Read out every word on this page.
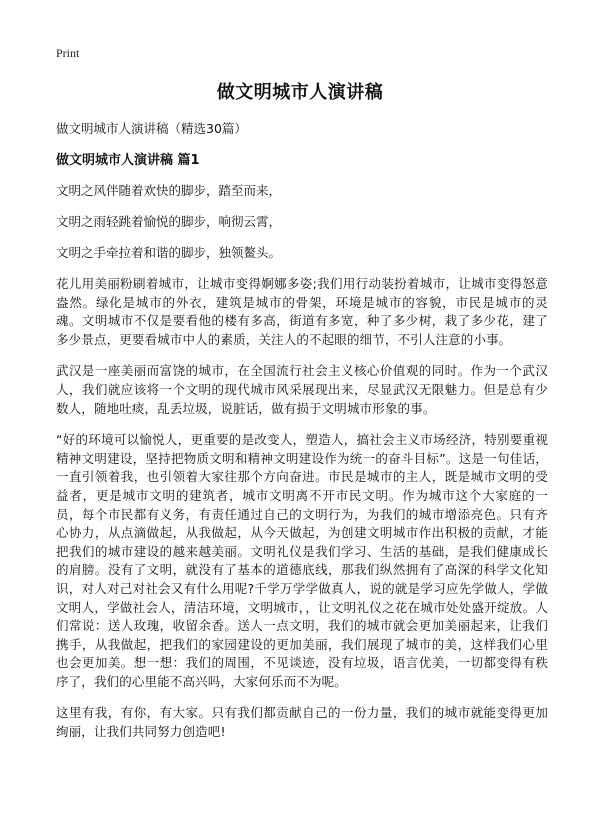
Print
做文明城市人演讲稿

做文明城市人演讲稿（精选30篇）

做文明城市人演讲稿 篇1

文明之风伴随着欢快的脚步，踏至而来，

文明之雨轻跳着愉悦的脚步，响彻云霄，

文明之手牵拉着和谐的脚步，独领鳌头。

花儿用美丽粉刷着城市，让城市变得婀娜多姿;我们用行动装扮着城市，让城市变得怒意盎然。绿化是城市的外衣，建筑是城市的骨架，环境是城市的容貌，市民是城市的灵魂。文明城市不仅是要看他的楼有多高，街道有多宽，种了多少树，栽了多少花，建了多少景点，更要看城市中人的素质，关注人的不起眼的细节，不引人注意的小事。

武汉是一座美丽而富饶的城市，在全国流行社会主义核心价值观的同时。作为一个武汉人，我们就应该将一个文明的现代城市风采展现出来，尽显武汉无限魅力。但是总有少数人，随地吐痰，乱丢垃圾，说脏话，做有损于文明城市形象的事。

“好的环境可以愉悦人，更重要的是改变人，塑造人，搞社会主义市场经济，特别要重视精神文明建设，坚持把物质文明和精神文明建设作为统一的奋斗目标”。这是一句佳话，一直引领着我，也引领着大家往那个方向奋进。市民是城市的主人，既是城市文明的受益者，更是城市文明的建筑者，城市文明离不开市民文明。作为城市这个大家庭的一员，每个市民都有义务，有责任通过自己的文明行为，为我们的城市增添亮色。只有齐心协力，从点滴做起，从我做起，从今天做起，为创建文明城市作出积极的贡献，才能把我们的城市建设的越来越美丽。文明礼仪是我们学习、生活的基础，是我们健康成长的肩膀。没有了文明，就没有了基本的道德底线，那我们纵然拥有了高深的科学文化知识，对人对己对社会又有什么用呢?千学万学学做真人，说的就是学习应先学做人，学做文明人，学做社会人，清洁环境，文明城市，，让文明礼仪之花在城市处处盛开绽放。人们常说：送人玫瑰，收留余香。送人一点文明，我们的城市就会更加美丽起来，让我们携手，从我做起，把我们的家园建设的更加美丽，我们展现了城市的美，这样我们心里也会更加美。想一想：我们的周围，不见谈迹，没有垃圾，语言优美，一切都变得有秩序了，我们的心里能不高兴吗，大家何乐而不为呢。

这里有我，有你，有大家。只有我们都贡献自己的一份力量，我们的城市就能变得更加绚丽，让我们共同努力创造吧!
